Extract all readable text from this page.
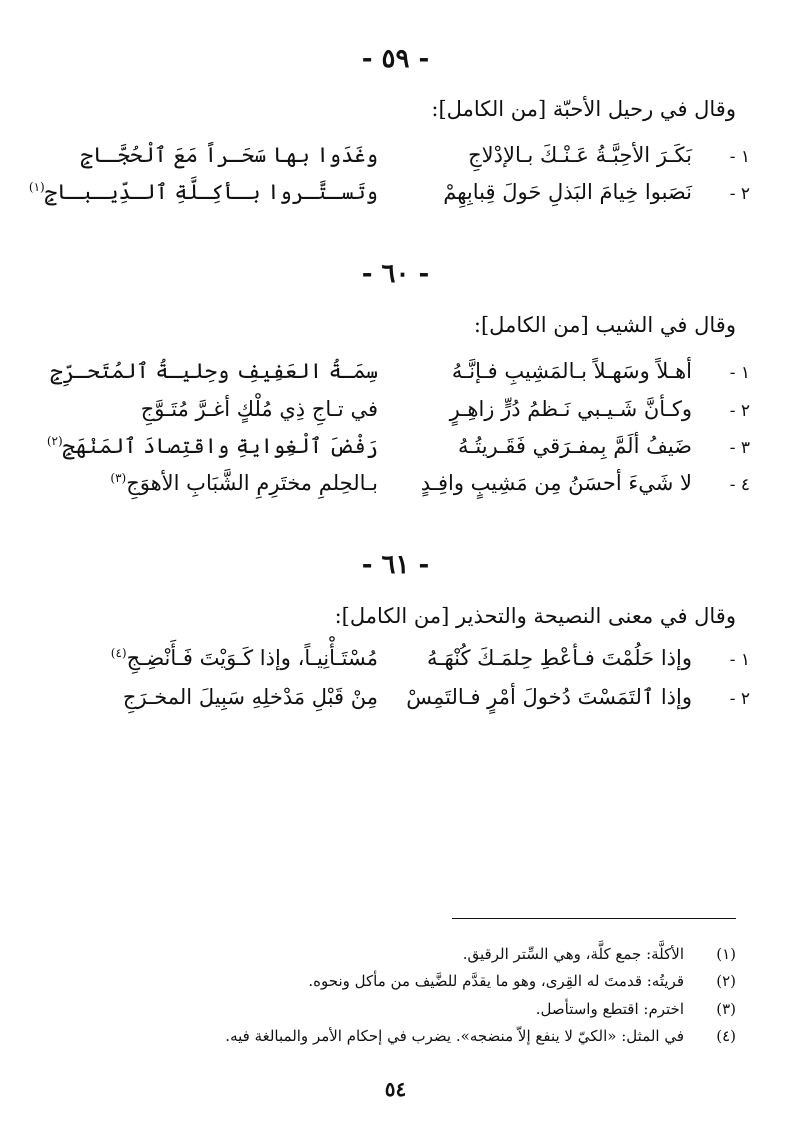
- ٥٩ -
وقال في رحيل الأحبّة [من الكامل]:
١ -
بَكَـرَ الأحِبَّـةُ عَـنْـكَ بـالإدْلاجِ
وغَدَوا بها سَحَـراً مَعَ ٱلْحُجَّـاجِ
٢ -
نَصَبوا خِيامَ البَذلِ حَولَ قِبابِهِمْ
وتَسـتَّـروا بـأكِـلَّةِ ٱلـدِّيـبـاجِ$^{(١)}$
- ٦٠ -
وقال في الشيب [من الكامل]:
١ -
أهـلاً وسَهـلاً بـالمَشِيبِ فـإنَّـهُ
سِمَـةُ العَفِيفِ وحِليـةُ ٱلمُتَحـرِّجِ
٢ -
وكـأنَّ شَـيـبي نَـظمُ دُرٍّ زاهِـرٍ
في تـاجِ ذِي مُلْكٍ أغـرَّ مُتَـوَّجِ
٣ -
ضَيفُ ألَمَّ بِمفـرَقي فَقَـريتُـهُ
رَفْضَ ٱلْغِوايةِ واقتِصادَ ٱلمَنْهَجِ$^{(٢)}$
٤ -
لا شَيءَ أحسَنُ مِن مَشِيبٍ وافِـدٍ
بـالحِلمِ مختَرِمِ الشَّبَابِ الأهوَجِ$^{(٣)}$
- ٦١ -
وقال في معنى النصيحة والتحذير [من الكامل]:
١ -
وإذا حَلُمْتَ فـأعْطِ حِلمَـكَ كُنْهَـهُ
مُسْتَـأْنِيـاً، وإذا كَـوَيْتَ فَـأَنْضِـجِ$^{(٤)}$
٢ -
وإذا ٱلتَمَسْتَ دُخولَ أمْرٍ فـالتَمِسْ
مِنْ قَبْلِ مَدْخلِهِ سَبِيلَ المخـرَجِ
(١)
الأكلَّة: جمع كلَّة، وهي السِّتر الرقيق.
(٢)
قريتُه: قدمتَ له القِرى، وهو ما يقدَّم للضَّيف من مأكل ونحوه.
(٣)
اخترم: اقتطع واستأصل.
(٤)
في المثل: «الكيّ لا ينفع إلاّ منضجه». يضرب في إحكام الأمر والمبالغة فيه.
٥٤
